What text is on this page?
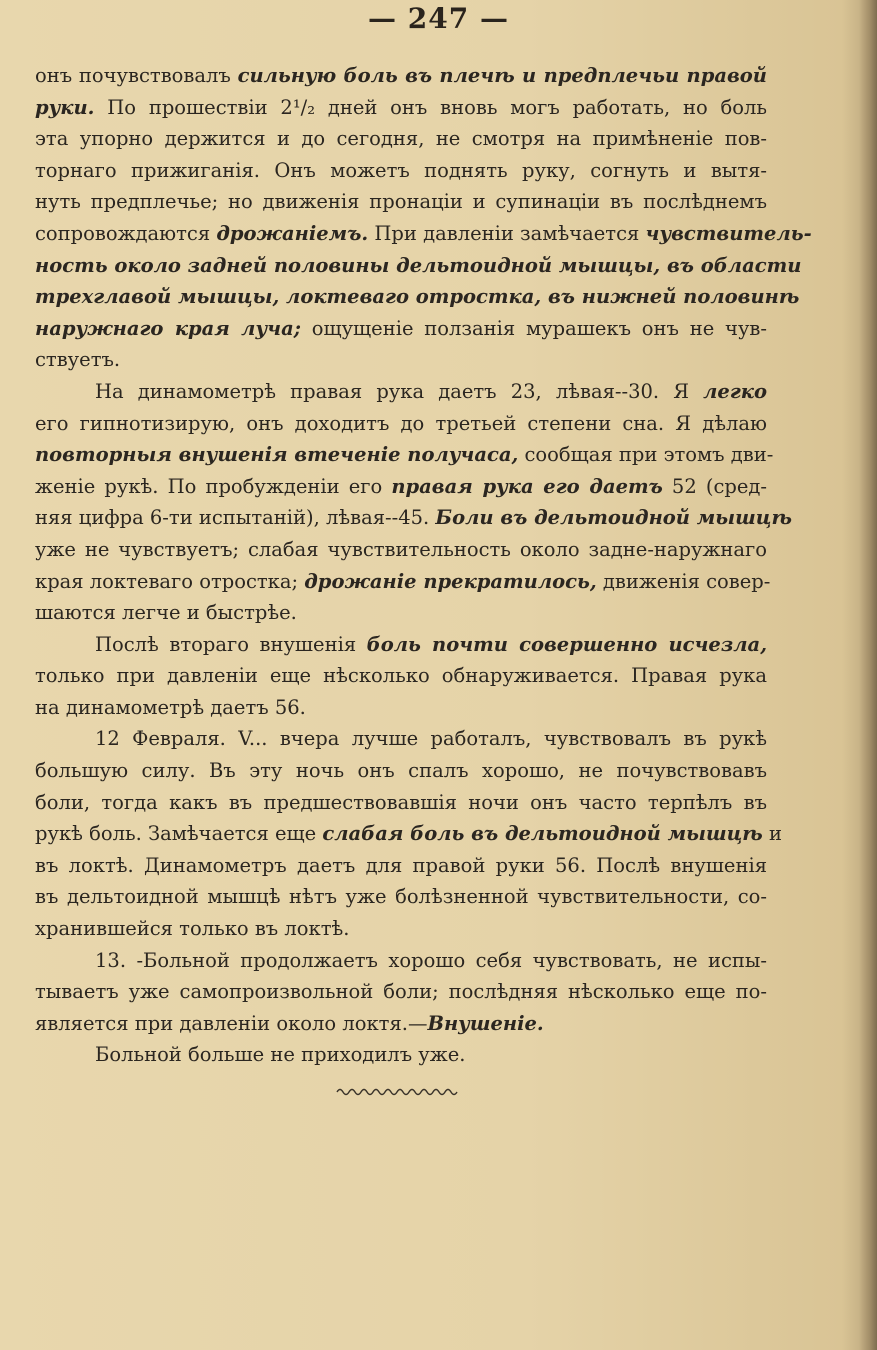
— 247 —
онъ почувствовалъ сильную боль въ плечѣ и предплечьи правой
руки. По прошествіи 2¹/₂ дней онъ вновь могъ работать, но боль
эта упорно держится и до сегодня, не смотря на примѣненіе пов-
торнаго прижиганія. Онъ можетъ поднять руку, согнуть и вытя-
нуть предплечье; но движенія пронаціи и супинаціи въ послѣднемъ
сопровождаются дрожаніемъ. При давленіи замѣчается чувствитель-
ность около задней половины дельтоидной мышцы, въ области
трехглавой мышцы, локтеваго отростка, въ нижней половинѣ
наружнаго края луча; ощущеніе ползанія мурашекъ онъ не чув-
ствуетъ.
На динамометрѣ правая рука даетъ 23, лѣвая--30. Я легко
его гипнотизирую, онъ доходитъ до третьей степени сна. Я дѣлаю
повторныя внушенія втеченіе получаса, сообщая при этомъ дви-
женіе рукѣ. По пробужденіи его правая рука его даетъ 52 (сред-
няя цифра 6-ти испытаній), лѣвая--45. Боли въ дельтоидной мышцѣ
уже не чувствуетъ; слабая чувствительность около задне-наружнаго
края локтеваго отростка; дрожаніе прекратилось, движенія совер-
шаются легче и быстрѣе.
Послѣ втораго внушенія боль почти совершенно исчезла,
только при давленіи еще нѣсколько обнаруживается. Правая рука
на динамометрѣ даетъ 56.
12 Февраля. V... вчера лучше работалъ, чувствовалъ въ рукѣ
большую силу. Въ эту ночь онъ спалъ хорошо, не почувствовавъ
боли, тогда какъ въ предшествовавшія ночи онъ часто терпѣлъ въ
рукѣ боль. Замѣчается еще слабая боль въ дельтоидной мышцѣ и
въ локтѣ. Динамометръ даетъ для правой руки 56. Послѣ внушенія
въ дельтоидной мышцѣ нѣтъ уже болѣзненной чувствительности, со-
хранившейся только въ локтѣ.
13. -Больной продолжаетъ хорошо себя чувствовать, не испы-
тываетъ уже самопроизвольной боли; послѣдняя нѣсколько еще по-
является при давленіи около локтя.—Внушеніе.
Больной больше не приходилъ уже.
